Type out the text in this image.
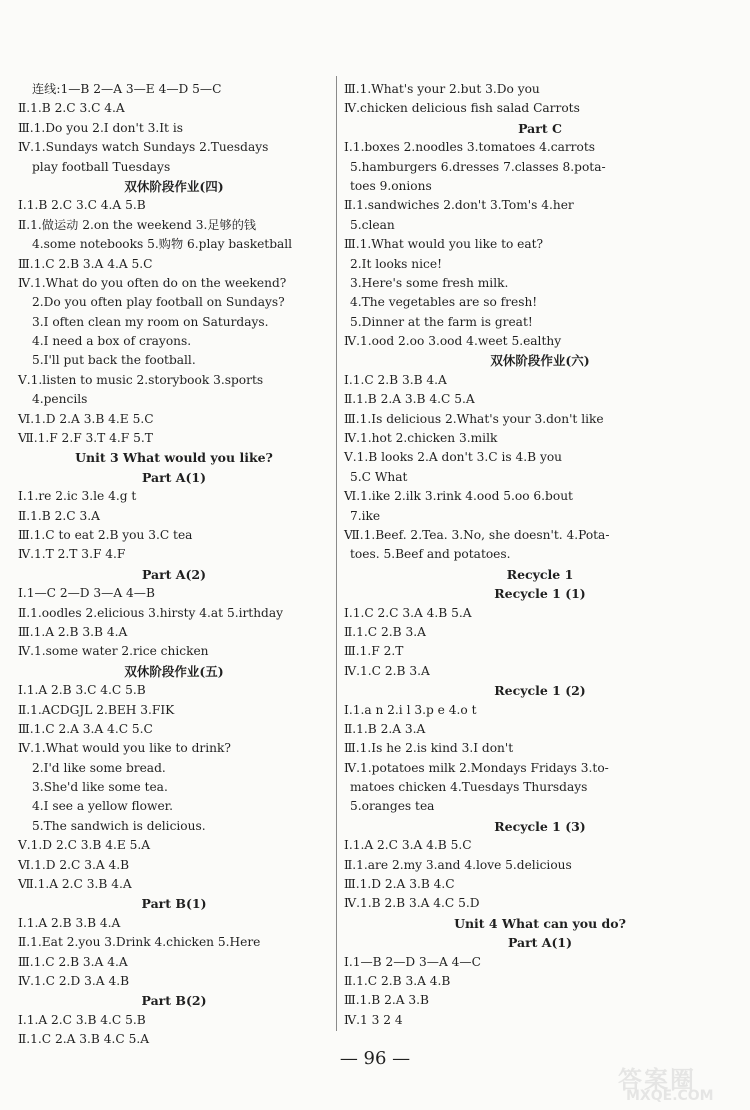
连线:1—B 2—A 3—E 4—D 5—C
Ⅱ.1.B 2.C 3.C 4.A
Ⅲ.1.Do you 2.I don't 3.It is
Ⅳ.1.Sundays watch Sundays 2.Tuesdays
play football Tuesdays
双休阶段作业(四)
Ⅰ.1.B 2.C 3.C 4.A 5.B
Ⅱ.1.做运动 2.on the weekend 3.足够的钱
4.some notebooks 5.购物 6.play basketball
Ⅲ.1.C 2.B 3.A 4.A 5.C
Ⅳ.1.What do you often do on the weekend?
2.Do you often play football on Sundays?
3.I often clean my room on Saturdays.
4.I need a box of crayons.
5.I'll put back the football.
Ⅴ.1.listen to music 2.storybook 3.sports
4.pencils
Ⅵ.1.D 2.A 3.B 4.E 5.C
Ⅶ.1.F 2.F 3.T 4.F 5.T
Unit 3 What would you like?
Part A(1)
Ⅰ.1.re 2.ic 3.le 4.g t
Ⅱ.1.B 2.C 3.A
Ⅲ.1.C to eat 2.B you 3.C tea
Ⅳ.1.T 2.T 3.F 4.F
Part A(2)
Ⅰ.1—C 2—D 3—A 4—B
Ⅱ.1.oodles 2.elicious 3.hirsty 4.at 5.irthday
Ⅲ.1.A 2.B 3.B 4.A
Ⅳ.1.some water 2.rice chicken
双休阶段作业(五)
Ⅰ.1.A 2.B 3.C 4.C 5.B
Ⅱ.1.ACDGJL 2.BEH 3.FIK
Ⅲ.1.C 2.A 3.A 4.C 5.C
Ⅳ.1.What would you like to drink?
2.I'd like some bread.
3.She'd like some tea.
4.I see a yellow flower.
5.The sandwich is delicious.
Ⅴ.1.D 2.C 3.B 4.E 5.A
Ⅵ.1.D 2.C 3.A 4.B
Ⅶ.1.A 2.C 3.B 4.A
Part B(1)
Ⅰ.1.A 2.B 3.B 4.A
Ⅱ.1.Eat 2.you 3.Drink 4.chicken 5.Here
Ⅲ.1.C 2.B 3.A 4.A
Ⅳ.1.C 2.D 3.A 4.B
Part B(2)
Ⅰ.1.A 2.C 3.B 4.C 5.B
Ⅱ.1.C 2.A 3.B 4.C 5.A
Ⅲ.1.What's your 2.but 3.Do you
Ⅳ.chicken delicious fish salad Carrots
Part C
Ⅰ.1.boxes 2.noodles 3.tomatoes 4.carrots
5.hamburgers 6.dresses 7.classes 8.pota-
toes 9.onions
Ⅱ.1.sandwiches 2.don't 3.Tom's 4.her
5.clean
Ⅲ.1.What would you like to eat?
2.It looks nice!
3.Here's some fresh milk.
4.The vegetables are so fresh!
5.Dinner at the farm is great!
Ⅳ.1.ood 2.oo 3.ood 4.weet 5.ealthy
双休阶段作业(六)
Ⅰ.1.C 2.B 3.B 4.A
Ⅱ.1.B 2.A 3.B 4.C 5.A
Ⅲ.1.Is delicious 2.What's your 3.don't like
Ⅳ.1.hot 2.chicken 3.milk
Ⅴ.1.B looks 2.A don't 3.C is 4.B you
5.C What
Ⅵ.1.ike 2.ilk 3.rink 4.ood 5.oo 6.bout
7.ike
Ⅶ.1.Beef. 2.Tea. 3.No, she doesn't. 4.Pota-
toes. 5.Beef and potatoes.
Recycle 1
Recycle 1 (1)
Ⅰ.1.C 2.C 3.A 4.B 5.A
Ⅱ.1.C 2.B 3.A
Ⅲ.1.F 2.T
Ⅳ.1.C 2.B 3.A
Recycle 1 (2)
Ⅰ.1.a n 2.i l 3.p e 4.o t
Ⅱ.1.B 2.A 3.A
Ⅲ.1.Is he 2.is kind 3.I don't
Ⅳ.1.potatoes milk 2.Mondays Fridays 3.to-
matoes chicken 4.Tuesdays Thursdays
5.oranges tea
Recycle 1 (3)
Ⅰ.1.A 2.C 3.A 4.B 5.C
Ⅱ.1.are 2.my 3.and 4.love 5.delicious
Ⅲ.1.D 2.A 3.B 4.C
Ⅳ.1.B 2.B 3.A 4.C 5.D
Unit 4 What can you do?
Part A(1)
Ⅰ.1—B 2—D 3—A 4—C
Ⅱ.1.C 2.B 3.A 4.B
Ⅲ.1.B 2.A 3.B
Ⅳ.1 3 2 4
— 96 —
答案圈
MXQE.COM
